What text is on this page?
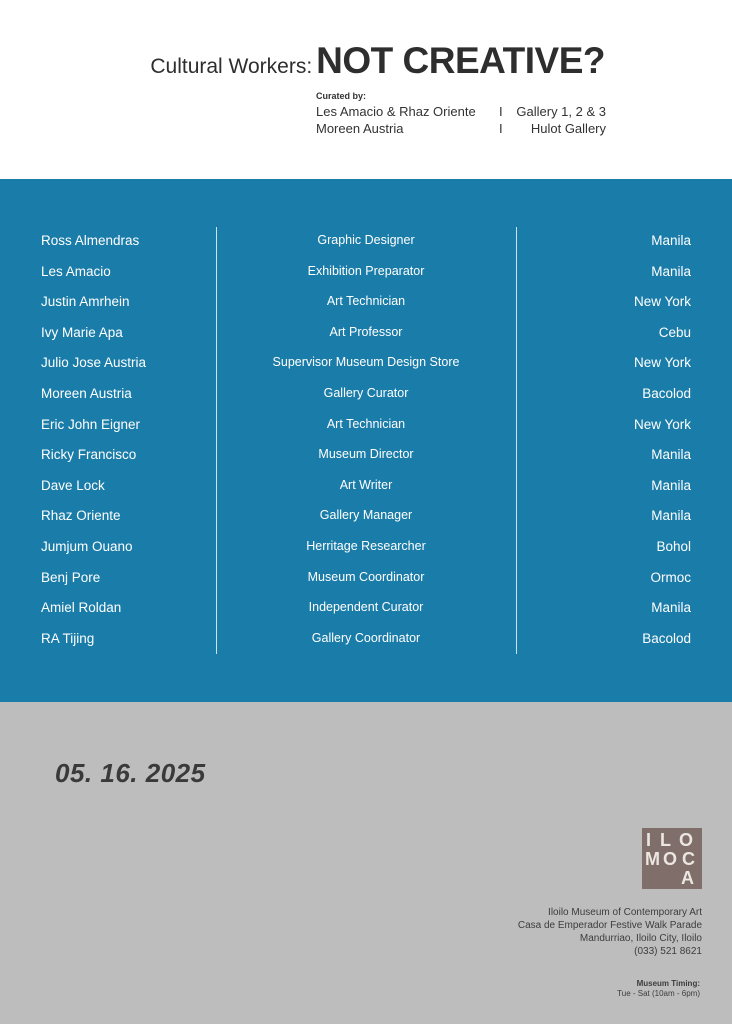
Cultural Workers: NOT CREATIVE?
Curated by:
Les Amacio & Rhaz Oriente I Gallery 1, 2 & 3
Moreen Austria	I Hulot Gallery
Ross Almendras	Graphic Designer	Manila
Les Amacio	Exhibition Preparator	Manila
Justin Amrhein	Art Technician	New York
Ivy Marie Apa	Art Professor	Cebu
Julio Jose Austria	Supervisor Museum Design Store	New York
Moreen Austria	Gallery Curator	Bacolod
Eric John Eigner	Art Technician	New York
Ricky Francisco	Museum Director	Manila
Dave Lock	Art Writer	Manila
Rhaz Oriente	Gallery Manager	Manila
Jumjum Ouano	Herritage Researcher	Bohol
Benj Pore	Museum Coordinator	Ormoc
Amiel Roldan	Independent Curator	Manila
RA Tijing	Gallery Coordinator	Bacolod
05. 16. 2025
I L O
M O C
A
Iloilo Museum of Contemporary Art
Casa de Emperador Festive Walk Parade
Mandurriao, Iloilo City, Iloilo
(033) 521 8621
Museum Timing:
Tue - Sat (10am - 6pm)
